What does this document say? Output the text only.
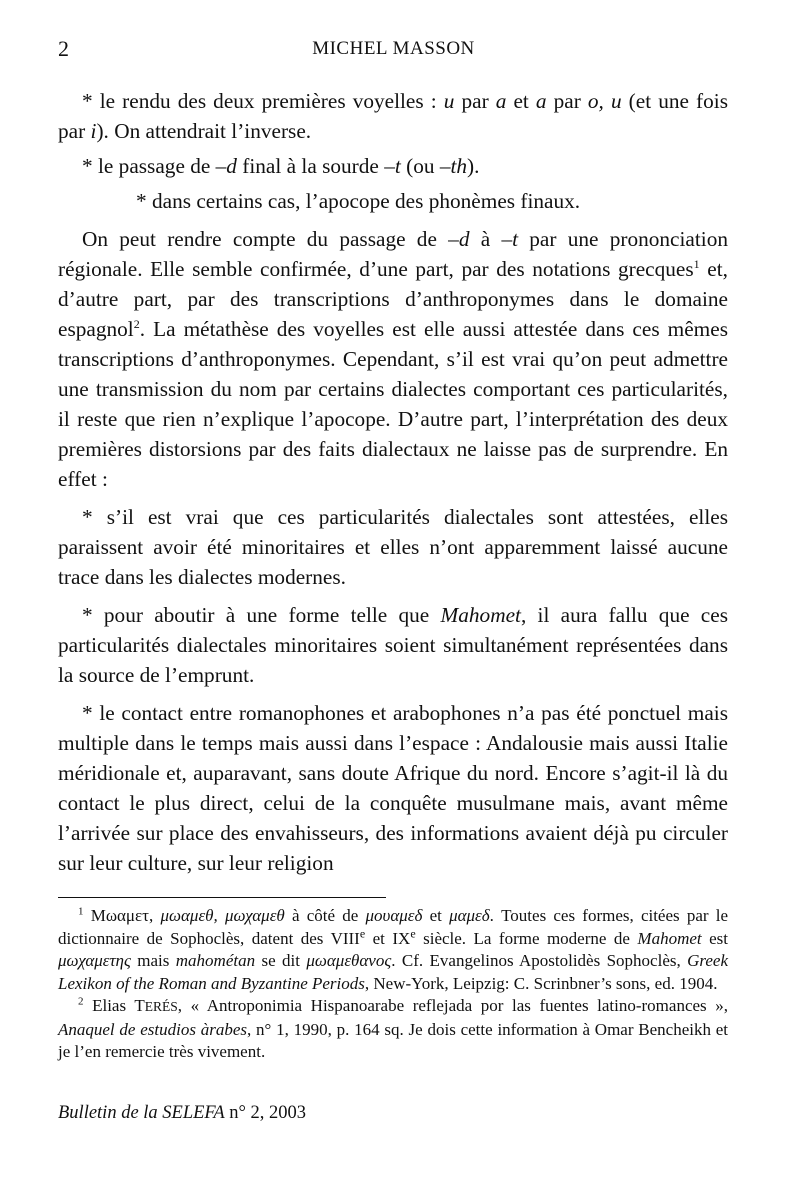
2	MICHEL MASSON

* le rendu des deux premières voyelles : u par a et a par o, u (et une fois par i). On attendrait l’inverse.

* le passage de –d final à la sourde –t (ou –th).

* dans certains cas, l’apocope des phonèmes finaux.

On peut rendre compte du passage de –d à –t par une prononciation régionale. Elle semble confirmée, d’une part, par des notations grecques$^1$ et, d’autre part, par des transcriptions d’anthroponymes dans le domaine espagnol$^2$. La métathèse des voyelles est elle aussi attestée dans ces mêmes transcriptions d’anthroponymes. Cependant, s’il est vrai qu’on peut admettre une transmission du nom par certains dialectes comportant ces particularités, il reste que rien n’explique l’apocope. D’autre part, l’interprétation des deux premières distorsions par des faits dialectaux ne laisse pas de surprendre. En effet :

* s’il est vrai que ces particularités dialectales sont attestées, elles paraissent avoir été minoritaires et elles n’ont apparemment laissé aucune trace dans les dialectes modernes.

* pour aboutir à une forme telle que Mahomet, il aura fallu que ces particularités dialectales minoritaires soient simultanément représentées dans la source de l’emprunt.

* le contact entre romanophones et arabophones n’a pas été ponctuel mais multiple dans le temps mais aussi dans l’espace : Andalousie mais aussi Italie méridionale et, auparavant, sans doute Afrique du nord. Encore s’agit-il là du contact le plus direct, celui de la conquête musulmane mais, avant même l’arrivée sur place des envahisseurs, des informations avaient déjà pu circuler sur leur culture, sur leur religion

$^1$ Μωαμετ, μωαμεθ, μωχαμεθ à côté de μουαμεδ et μαμεδ. Toutes ces formes, citées par le dictionnaire de Sophoclès, datent des VIIIe et IXe siècle. La forme moderne de Mahomet est μωχαμετης mais mahométan se dit μωαμεθανος. Cf. Evangelinos Apostolidès Sophoclès, Greek Lexikon of the Roman and Byzantine Periods, New-York, Leipzig: C. Scrinbner’s sons, ed. 1904.

$^2$ Elias TERÉS, « Antroponimia Hispanoarabe reflejada por las fuentes latino-romances », Anaquel de estudios àrabes, n° 1, 1990, p. 164 sq. Je dois cette information à Omar Bencheikh et je l’en remercie très vivement.

Bulletin de la SELEFA n° 2, 2003
